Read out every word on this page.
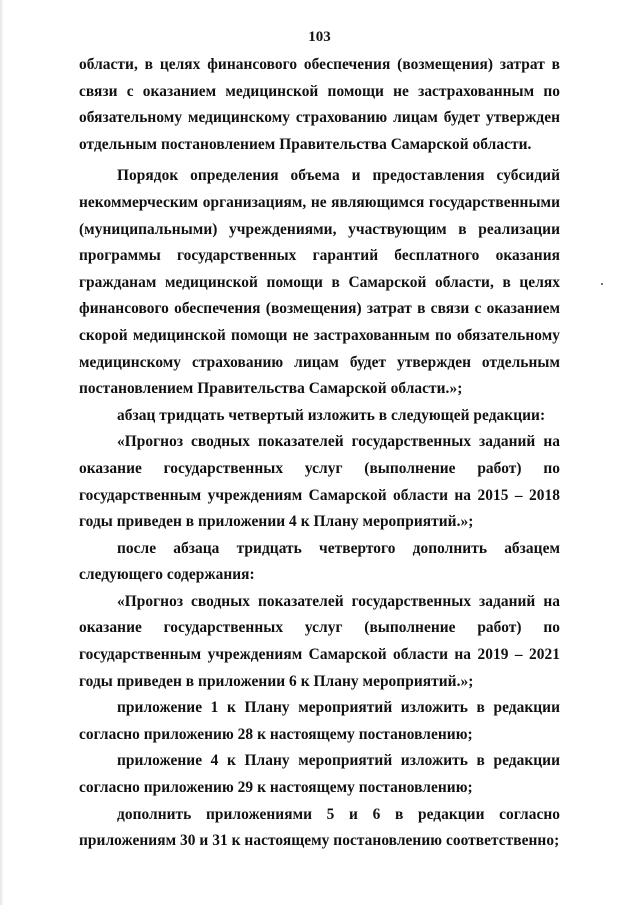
103

области, в целях финансового обеспечения (возмещения) затрат в связи с оказанием медицинской помощи не застрахованным по обязательному медицинскому страхованию лицам будет утвержден отдельным постановлением Правительства Самарской области.

Порядок определения объема и предоставления субсидий некоммерческим организациям, не являющимся государственными (муниципальными) учреждениями, участвующим в реализации программы государственных гарантий бесплатного оказания гражданам медицинской помощи в Самарской области, в целях финансового обеспечения (возмещения) затрат в связи с оказанием скорой медицинской помощи не застрахованным по обязательному медицинскому страхованию лицам будет утвержден отдельным постановлением Правительства Самарской области.»;

абзац тридцать четвертый изложить в следующей редакции:

«Прогноз сводных показателей государственных заданий на оказание государственных услуг (выполнение работ) по государственным учреждениям Самарской области на 2015 – 2018 годы приведен в приложении 4 к Плану мероприятий.»;

после абзаца тридцать четвертого дополнить абзацем следующего содержания:

«Прогноз сводных показателей государственных заданий на оказание государственных услуг (выполнение работ) по государственным учреждениям Самарской области на 2019 – 2021 годы приведен в приложении 6 к Плану мероприятий.»;

приложение 1 к Плану мероприятий изложить в редакции согласно приложению 28 к настоящему постановлению;

приложение 4 к Плану мероприятий изложить в редакции согласно приложению 29 к настоящему постановлению;

дополнить приложениями 5 и 6 в редакции согласно приложениям 30 и 31 к настоящему постановлению соответственно;
